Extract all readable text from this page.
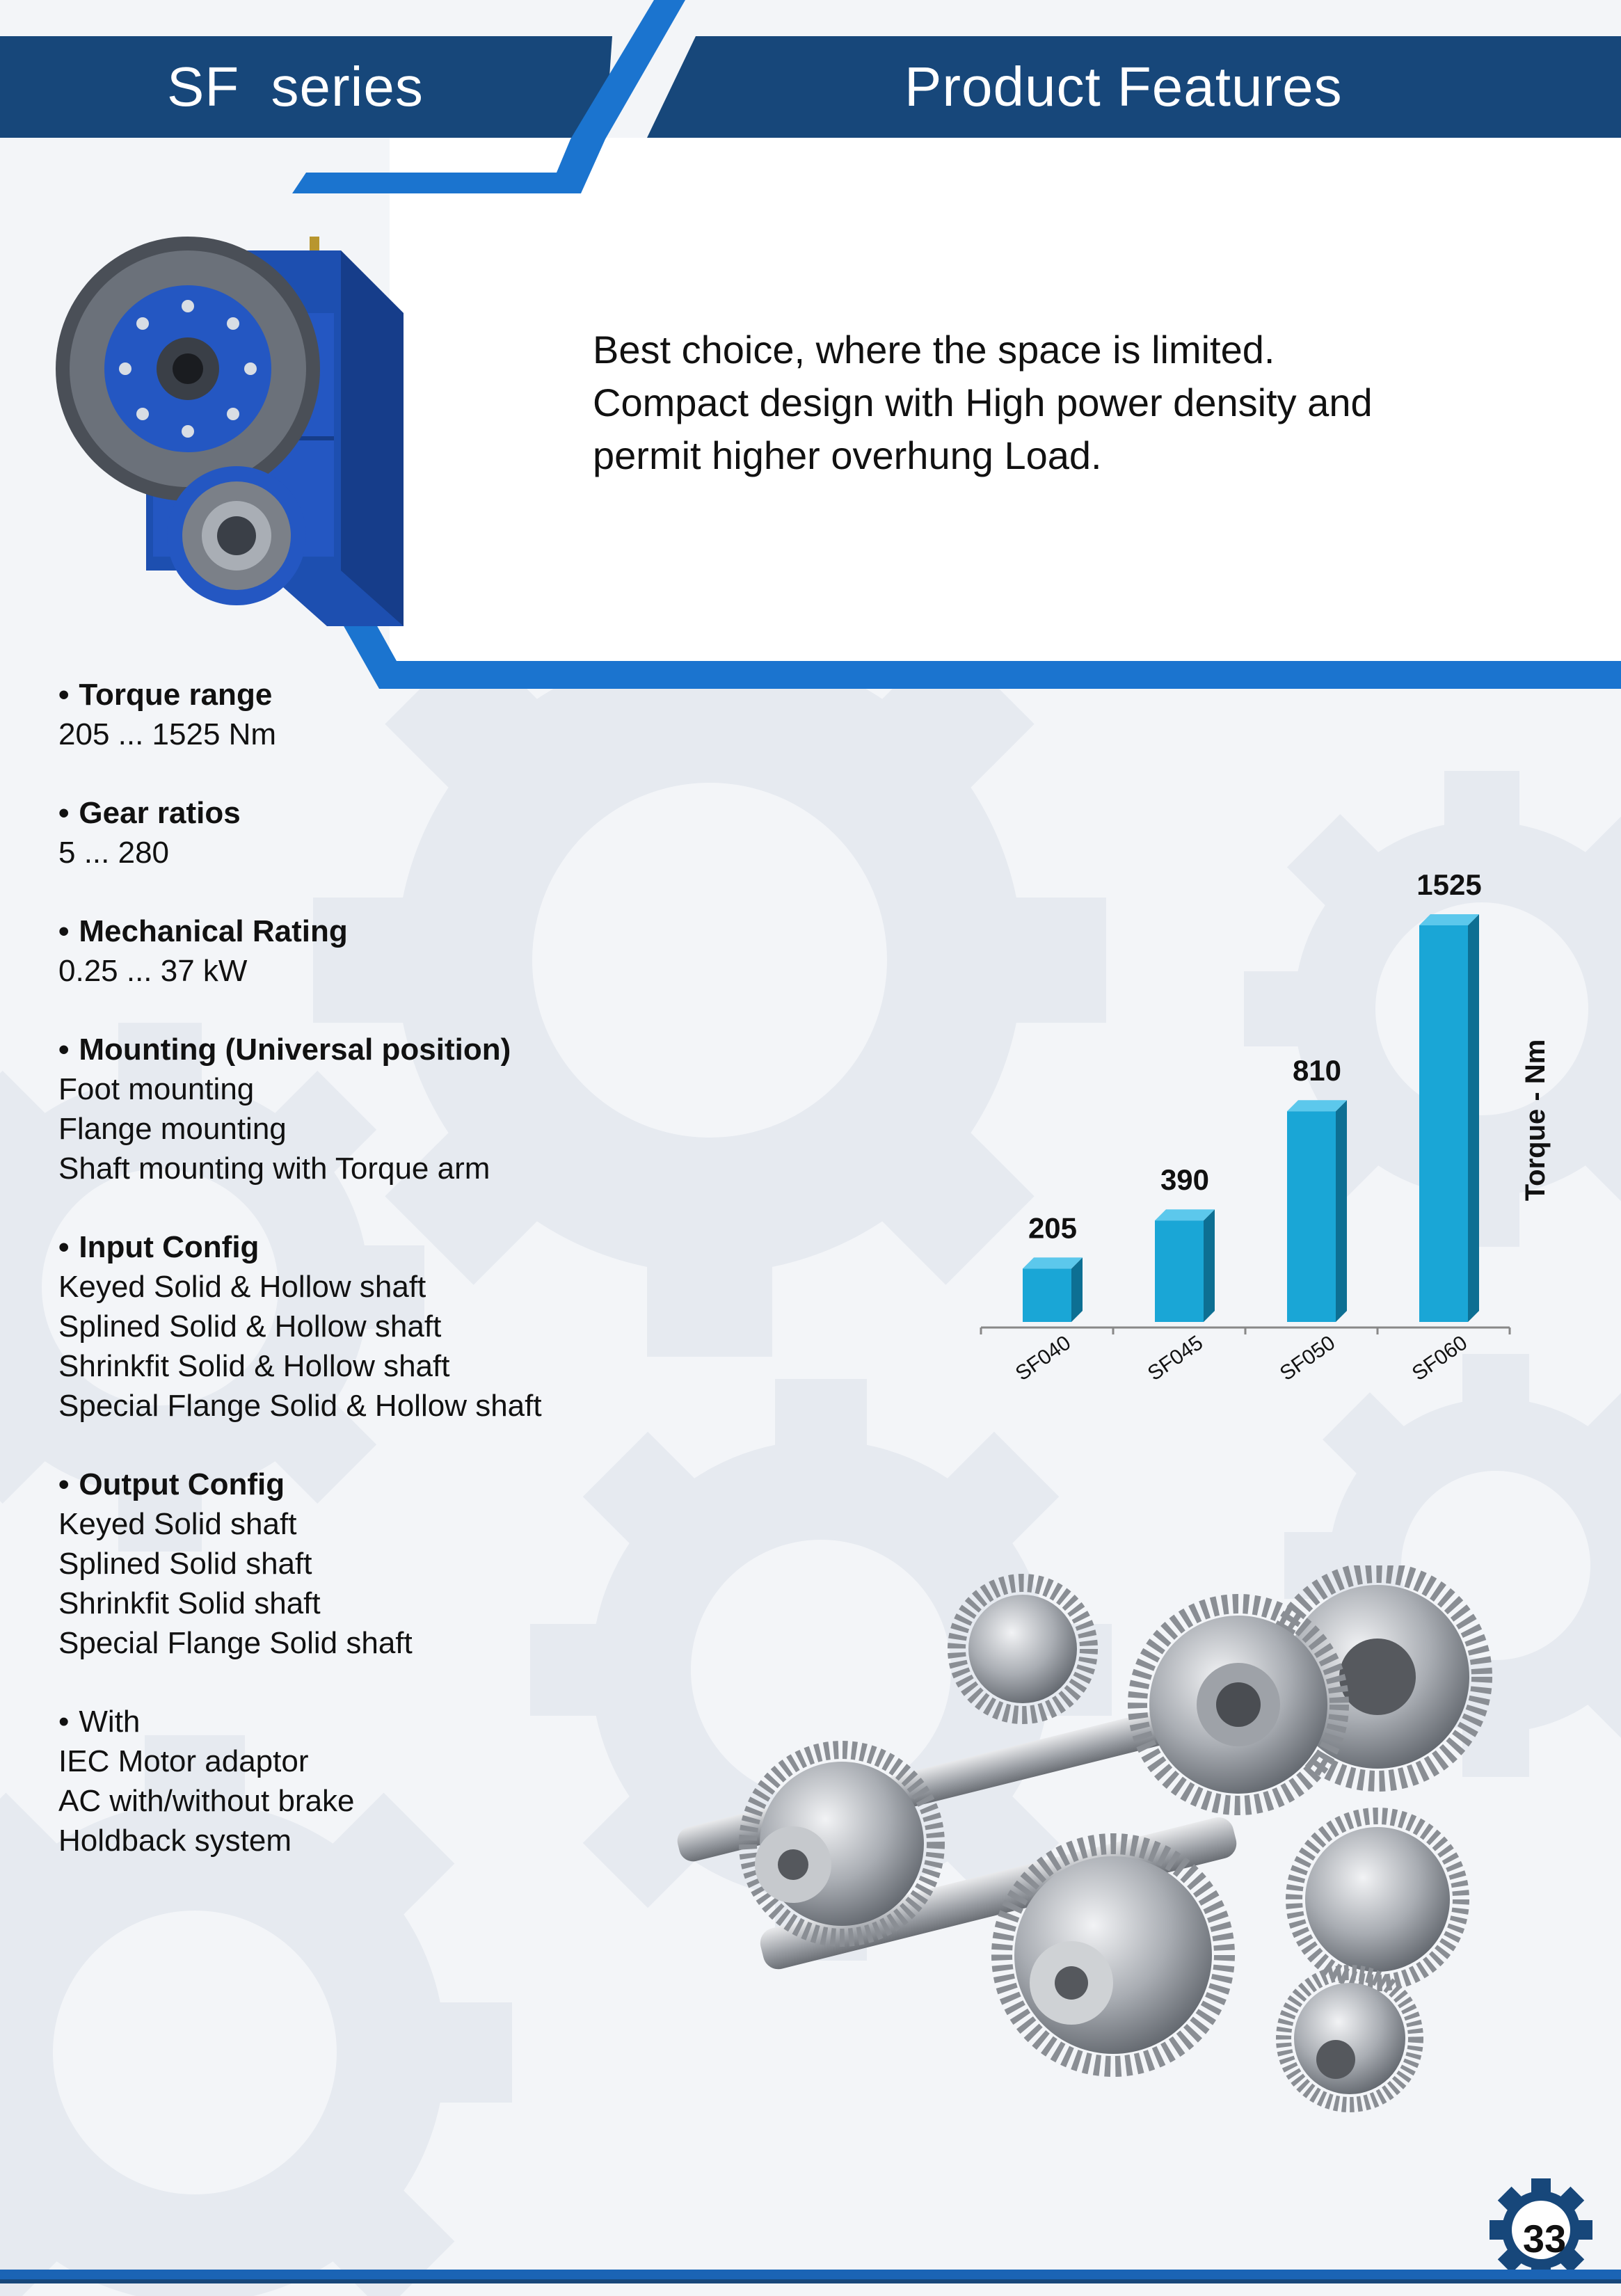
SF series	Product Features
Best choice, where the space is limited.
Compact design with High power density and
permit higher overhung Load.
• Torque range
205 ... 1525 Nm
• Gear ratios
5 ... 280
• Mechanical Rating
0.25 ... 37 kW
• Mounting (Universal position)
Foot mounting
Flange mounting
Shaft mounting with Torque arm
• Input Config
Keyed Solid & Hollow shaft
Splined Solid & Hollow shaft
Shrinkfit Solid & Hollow shaft
Special Flange Solid & Hollow shaft
• Output Config
Keyed Solid shaft
Splined Solid shaft
Shrinkfit Solid shaft
Special Flange Solid shaft
• With
IEC Motor adaptor
AC with/without brake
Holdback system
205
SF040
390
SF045
810
SF050
1525
SF060
Torque - Nm
33
